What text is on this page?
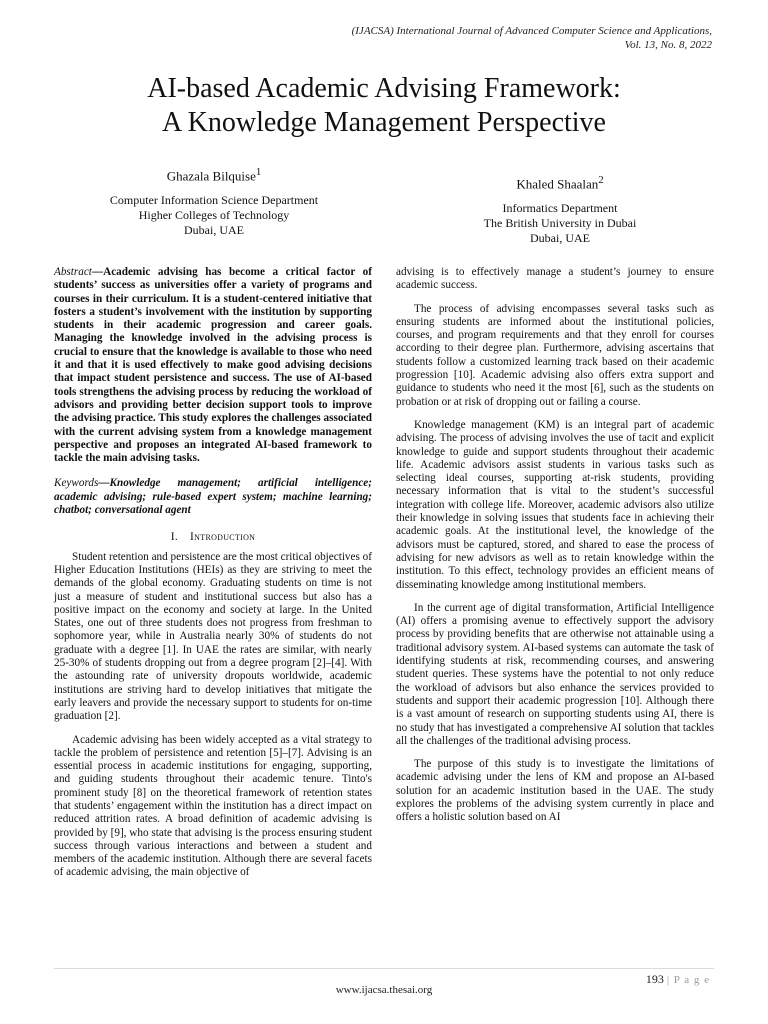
(IJACSA) International Journal of Advanced Computer Science and Applications,
Vol. 13, No. 8, 2022
AI-based Academic Advising Framework:
A Knowledge Management Perspective
Ghazala Bilquise$^1$
Computer Information Science Department
Higher Colleges of Technology
Dubai, UAE
Khaled Shaalan$^2$
Informatics Department
The British University in Dubai
Dubai, UAE

Abstract—Academic advising has become a critical factor of students’ success as universities offer a variety of programs and courses in their curriculum. It is a student-centered initiative that fosters a student’s involvement with the institution by supporting students in their academic progression and career goals. Managing the knowledge involved in the advising process is crucial to ensure that the knowledge is available to those who need it and that it is used effectively to make good advising decisions that impact student persistence and success. The use of AI-based tools strengthens the advising process by reducing the workload of advisors and providing better decision support tools to improve the advising practice. This study explores the challenges associated with the current advising system from a knowledge management perspective and proposes an integrated AI-based framework to tackle the main advising tasks.

Keywords—Knowledge management; artificial intelligence; academic advising; rule-based expert system; machine learning; chatbot; conversational agent

I. Introduction

Student retention and persistence are the most critical objectives of Higher Education Institutions (HEIs) as they are striving to meet the demands of the global economy. Graduating students on time is not just a measure of student and institutional success but also has a positive impact on the economy and society at large. In the United States, one out of three students does not progress from freshman to sophomore year, while in Australia nearly 30% of students do not graduate with a degree [1]. In UAE the rates are similar, with nearly 25-30% of students dropping out from a degree program [2]–[4]. With the astounding rate of university dropouts worldwide, academic institutions are striving hard to develop initiatives that mitigate the early leavers and provide the necessary support to students for on-time graduation [2].

Academic advising has been widely accepted as a vital strategy to tackle the problem of persistence and retention [5]–[7]. Advising is an essential process in academic institutions for engaging, supporting, and guiding students throughout their academic tenure. Tinto's prominent study [8] on the theoretical framework of retention states that students’ engagement within the institution has a direct impact on reduced attrition rates. A broad definition of academic advising is provided by [9], who state that advising is the process ensuring student success through various interactions and between a student and members of the academic institution. Although there are several facets of academic advising, the main objective of

advising is to effectively manage a student’s journey to ensure academic success.

The process of advising encompasses several tasks such as ensuring students are informed about the institutional policies, courses, and program requirements and that they enroll for courses according to their degree plan. Furthermore, advising ascertains that students follow a customized learning track based on their academic progression [10]. Academic advising also offers extra support and guidance to students who need it the most [6], such as the students on probation or at risk of dropping out or failing a course.

Knowledge management (KM) is an integral part of academic advising. The process of advising involves the use of tacit and explicit knowledge to guide and support students throughout their academic life. Academic advisors assist students in various tasks such as selecting ideal courses, supporting at-risk students, providing necessary information that is vital to the student’s successful integration with college life. Moreover, academic advisors also utilize their knowledge in solving issues that students face in achieving their academic goals. At the institutional level, the knowledge of the advisors must be captured, stored, and shared to ease the process of advising for new advisors as well as to retain knowledge within the institution. To this effect, technology provides an efficient means of disseminating knowledge among institutional members.

In the current age of digital transformation, Artificial Intelligence (AI) offers a promising avenue to effectively support the advisory process by providing benefits that are otherwise not attainable using a traditional advisory system. AI-based systems can automate the task of identifying students at risk, recommending courses, and answering student queries. These systems have the potential to not only reduce the workload of advisors but also enhance the services provided to students and support their academic progression [10]. Although there is a vast amount of research on supporting students using AI, there is no study that has investigated a comprehensive AI solution that tackles all the challenges of the traditional advising process.

The purpose of this study is to investigate the limitations of academic advising under the lens of KM and propose an AI-based solution for an academic institution based in the UAE. The study explores the problems of the advising system currently in place and offers a holistic solution based on AI

193 | P a g e
www.ijacsa.thesai.org
